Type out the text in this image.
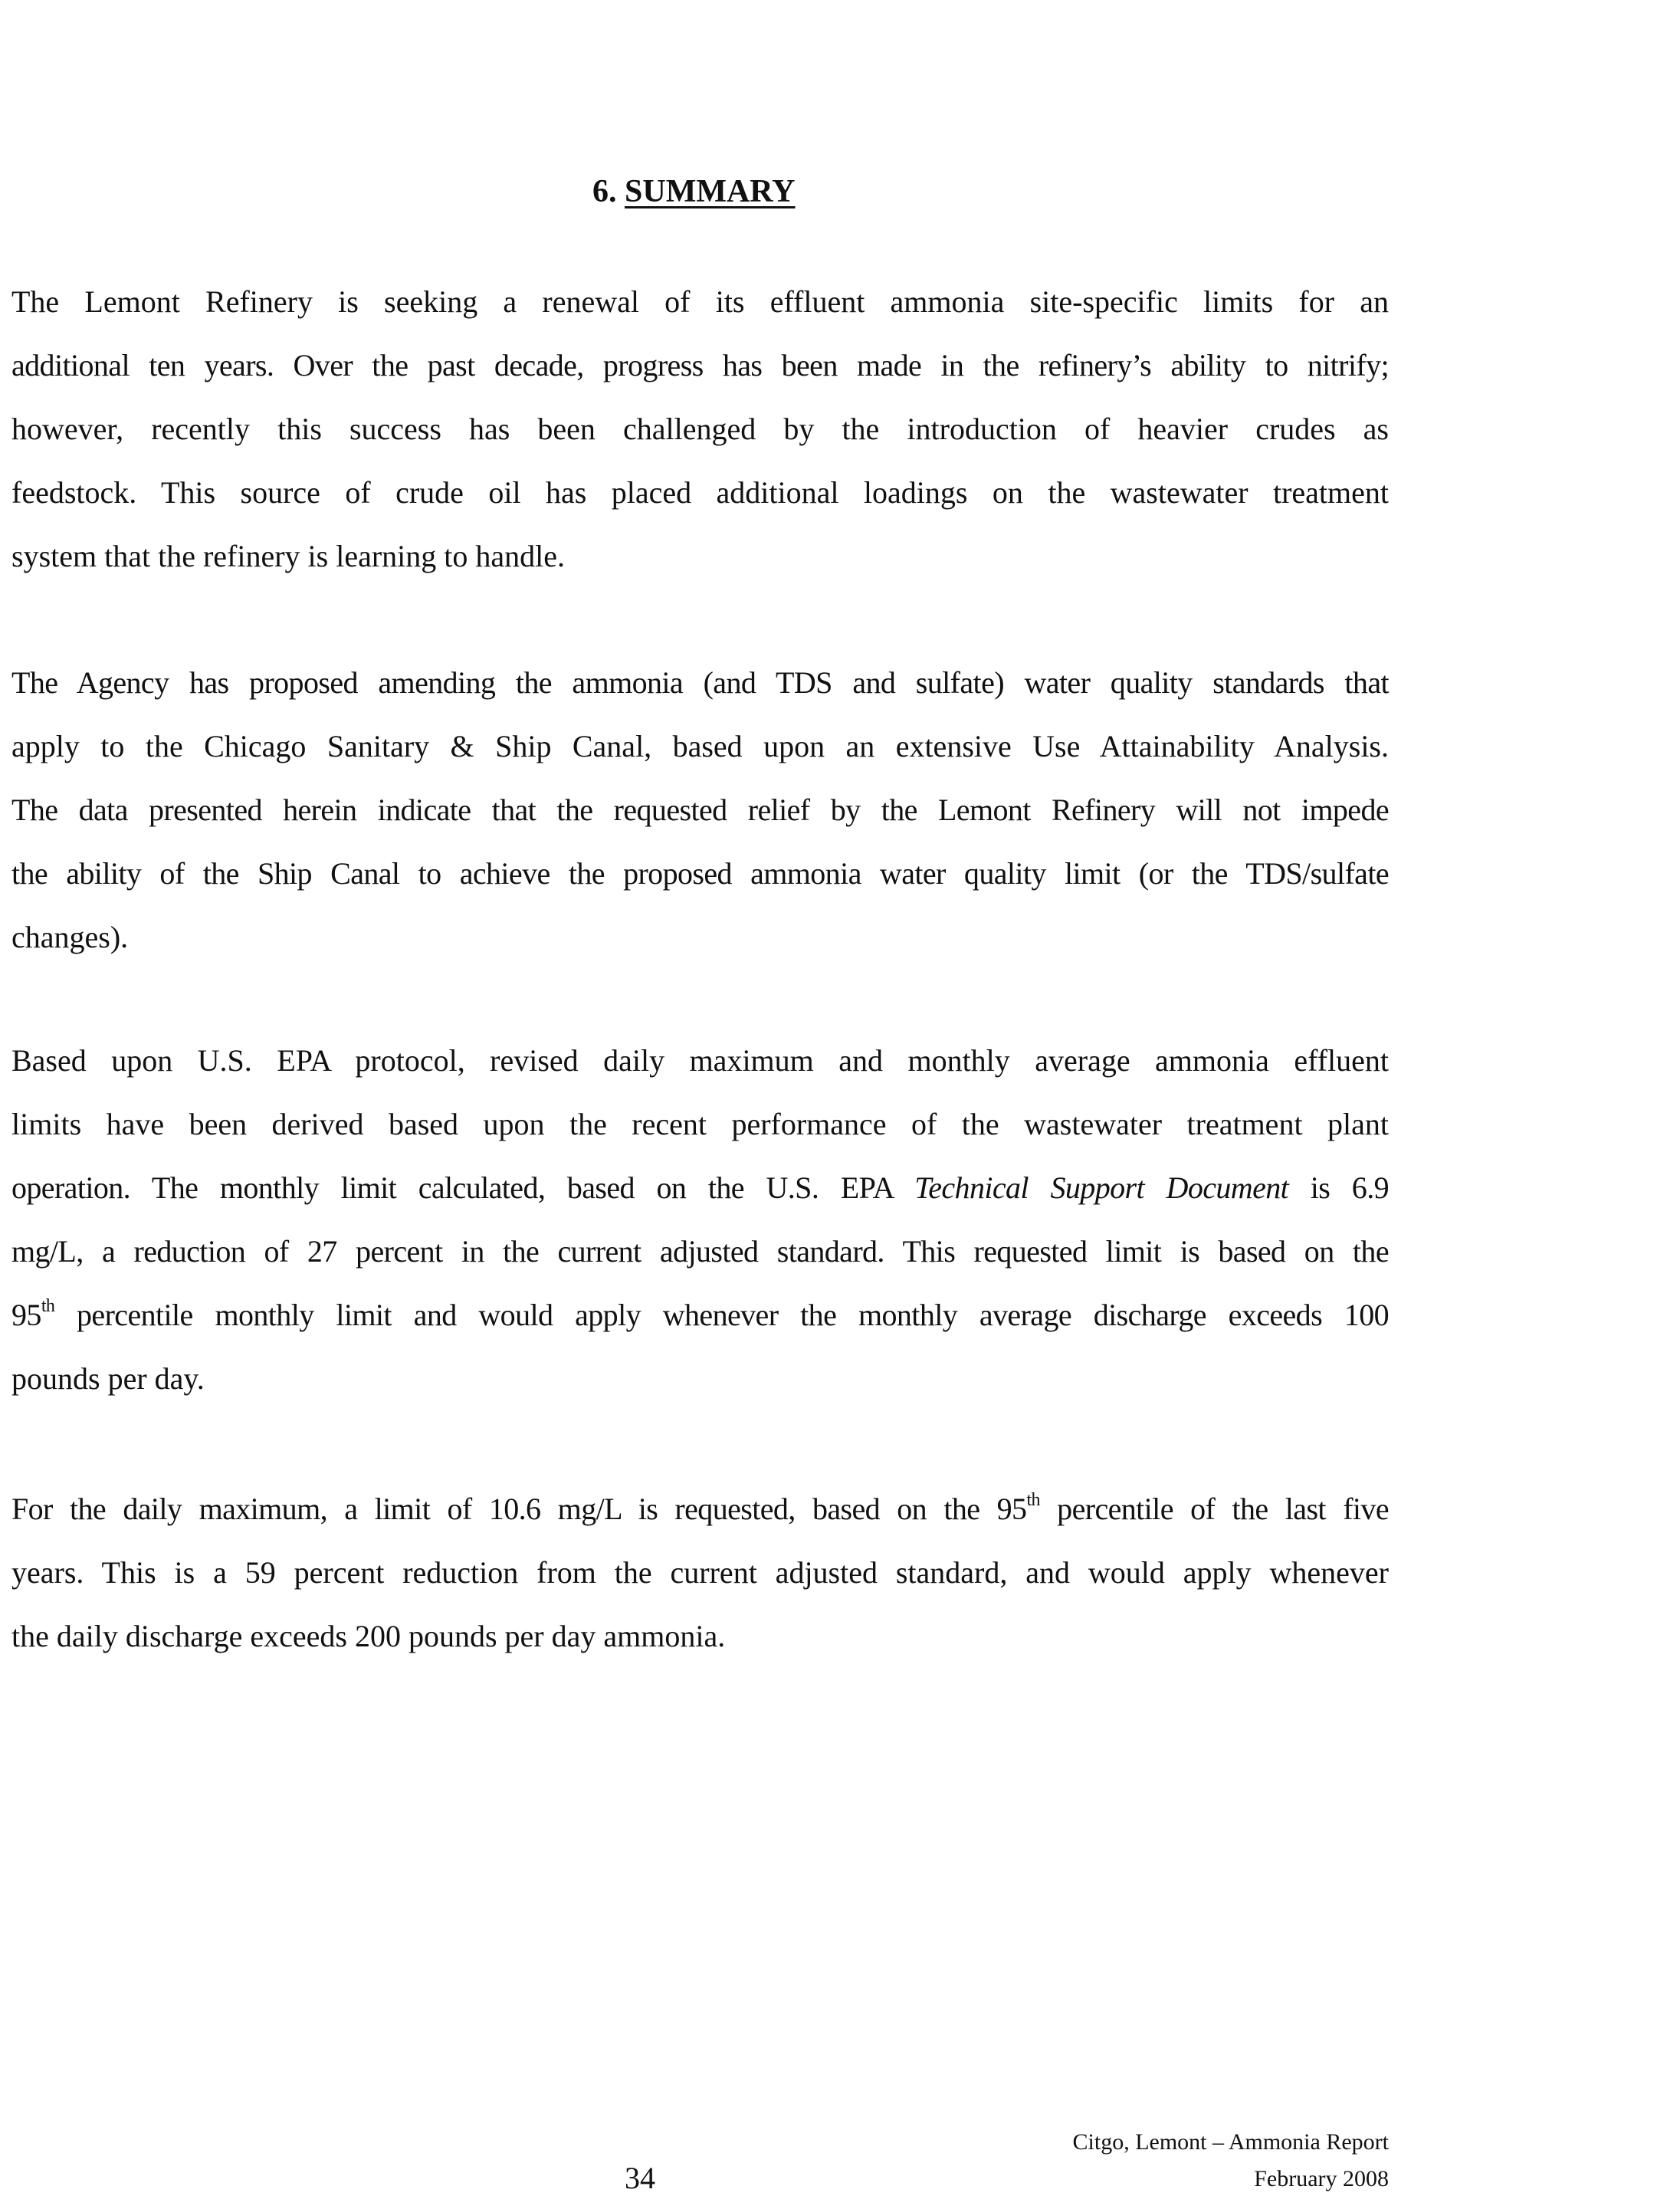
6. SUMMARY
The Lemont Refinery is seeking a renewal of its effluent ammonia site-specific limits for an
additional ten years. Over the past decade, progress has been made in the refinery’s ability to nitrify;
however, recently this success has been challenged by the introduction of heavier crudes as
feedstock. This source of crude oil has placed additional loadings on the wastewater treatment
system that the refinery is learning to handle.
The Agency has proposed amending the ammonia (and TDS and sulfate) water quality standards that
apply to the Chicago Sanitary & Ship Canal, based upon an extensive Use Attainability Analysis.
The data presented herein indicate that the requested relief by the Lemont Refinery will not impede
the ability of the Ship Canal to achieve the proposed ammonia water quality limit (or the TDS/sulfate
changes).
Based upon U.S. EPA protocol, revised daily maximum and monthly average ammonia effluent
limits have been derived based upon the recent performance of the wastewater treatment plant
operation. The monthly limit calculated, based on the U.S. EPA Technical Support Document is 6.9
mg/L, a reduction of 27 percent in the current adjusted standard. This requested limit is based on the
95th percentile monthly limit and would apply whenever the monthly average discharge exceeds 100
pounds per day.
For the daily maximum, a limit of 10.6 mg/L is requested, based on the 95th percentile of the last five
years. This is a 59 percent reduction from the current adjusted standard, and would apply whenever
the daily discharge exceeds 200 pounds per day ammonia.
34
Citgo, Lemont – Ammonia Report
February 2008
